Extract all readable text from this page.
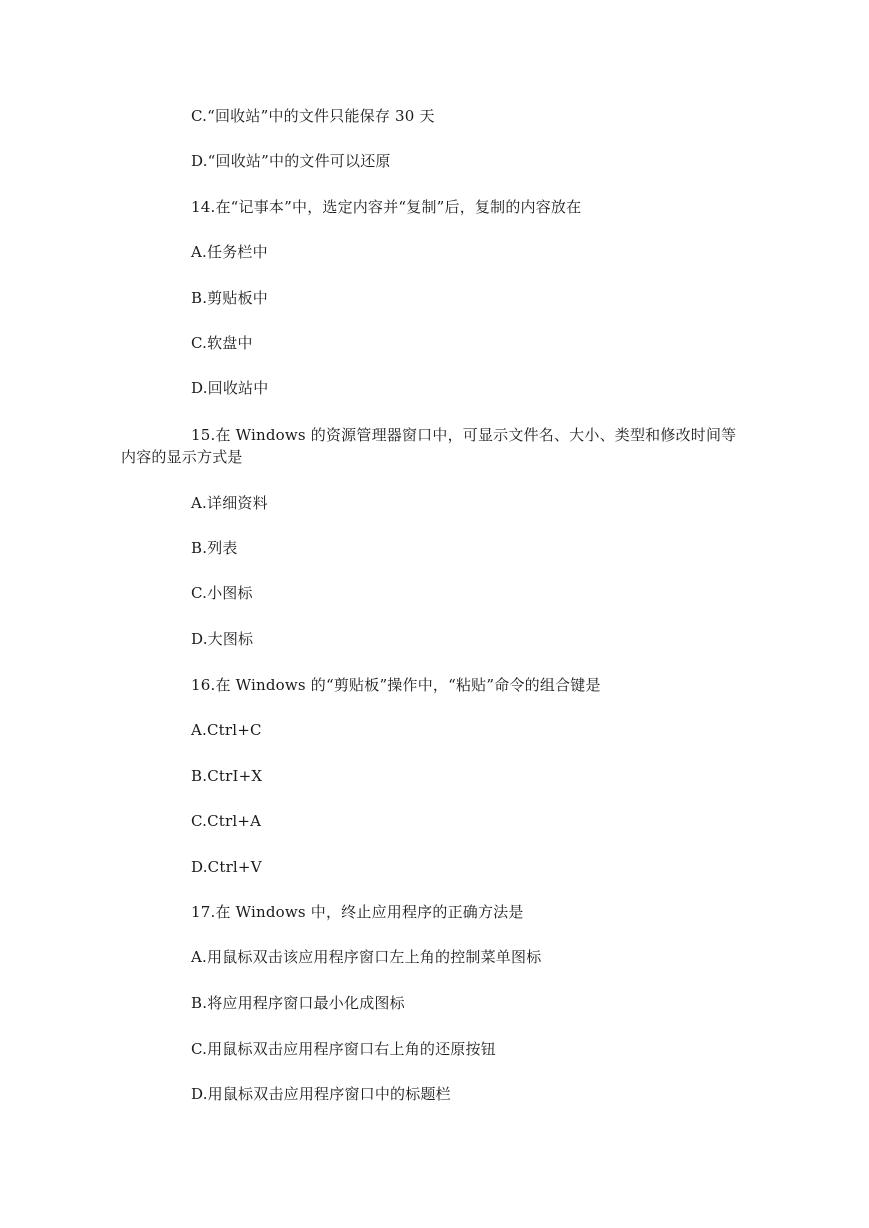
C.“回收站”中的文件只能保存 30 天
D.“回收站”中的文件可以还原
14.在“记事本”中，选定内容并“复制”后，复制的内容放在
A.任务栏中
B.剪贴板中
C.软盘中
D.回收站中
15.在 Windows 的资源管理器窗口中，可显示文件名、大小、类型和修改时间等内容的显示方式是
A.详细资料
B.列表
C.小图标
D.大图标
16.在 Windows 的“剪贴板”操作中，“粘贴”命令的组合键是
A.Ctrl+C
B.CtrI+X
C.Ctrl+A
D.Ctrl+V
17.在 Windows 中，终止应用程序的正确方法是
A.用鼠标双击该应用程序窗口左上角的控制菜单图标
B.将应用程序窗口最小化成图标
C.用鼠标双击应用程序窗口右上角的还原按钮
D.用鼠标双击应用程序窗口中的标题栏
